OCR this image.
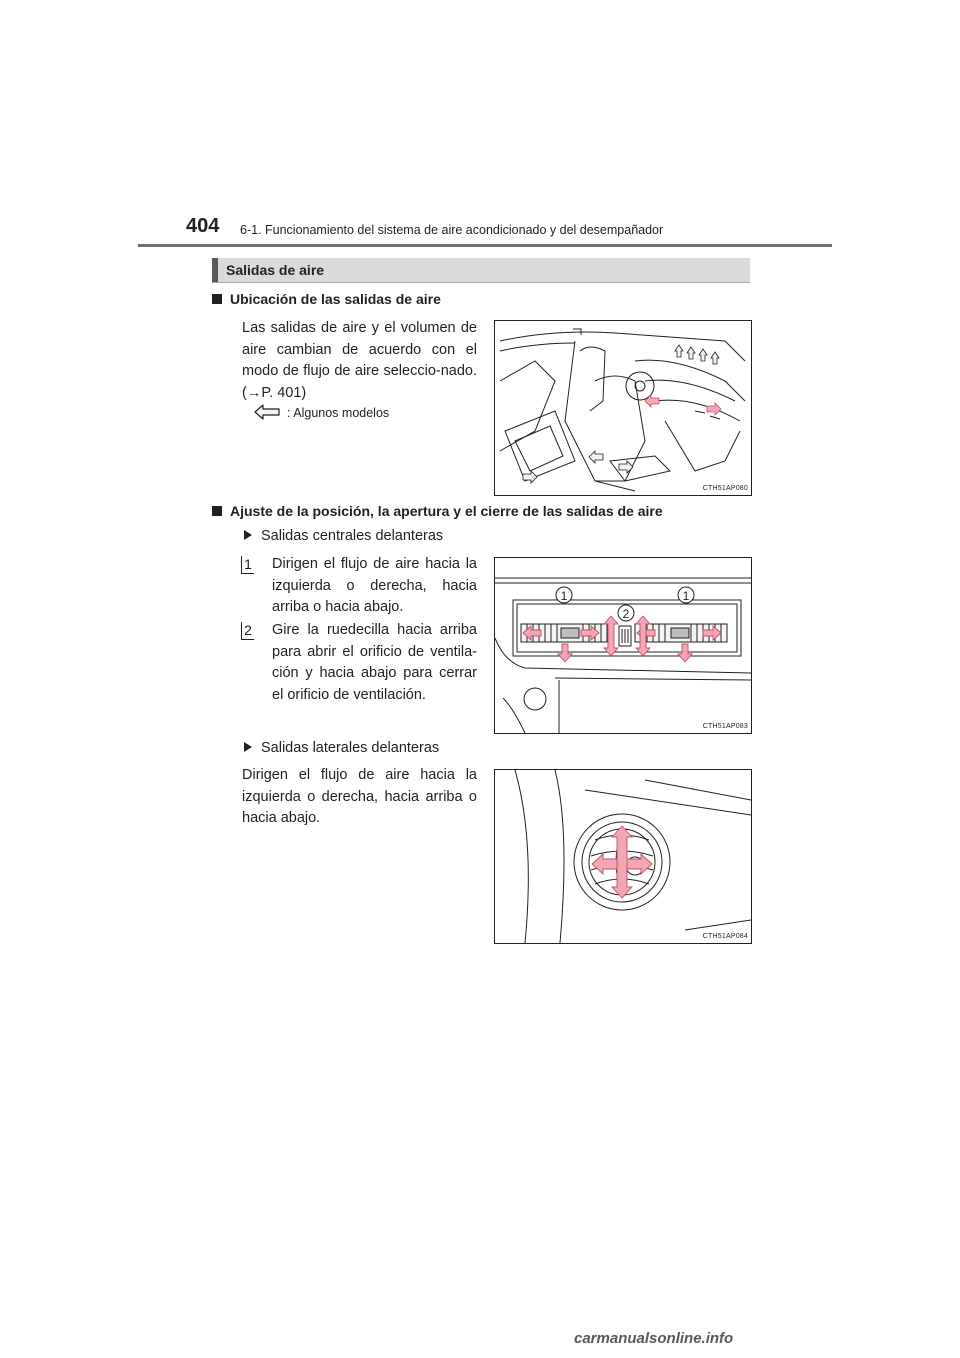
404 6-1. Funcionamiento del sistema de aire acondicionado y del desempañador
Salidas de aire
Ubicación de las salidas de aire
Las salidas de aire y el volumen de aire cambian de acuerdo con el modo de flujo de aire seleccio-nado. (→P. 401)
: Algunos modelos
CTH51AP080
Ajuste de la posición, la apertura y el cierre de las salidas de aire
Salidas centrales delanteras
1 Dirigen el flujo de aire hacia la izquierda o derecha, hacia arriba o hacia abajo.
2 Gire la ruedecilla hacia arriba para abrir el orificio de ventila-ción y hacia abajo para cerrar el orificio de ventilación.
1	1
2
CTH51AP083
Salidas laterales delanteras
Dirigen el flujo de aire hacia la izquierda o derecha, hacia arriba o hacia abajo.
CTH51AP084
carmanualsonline.info
